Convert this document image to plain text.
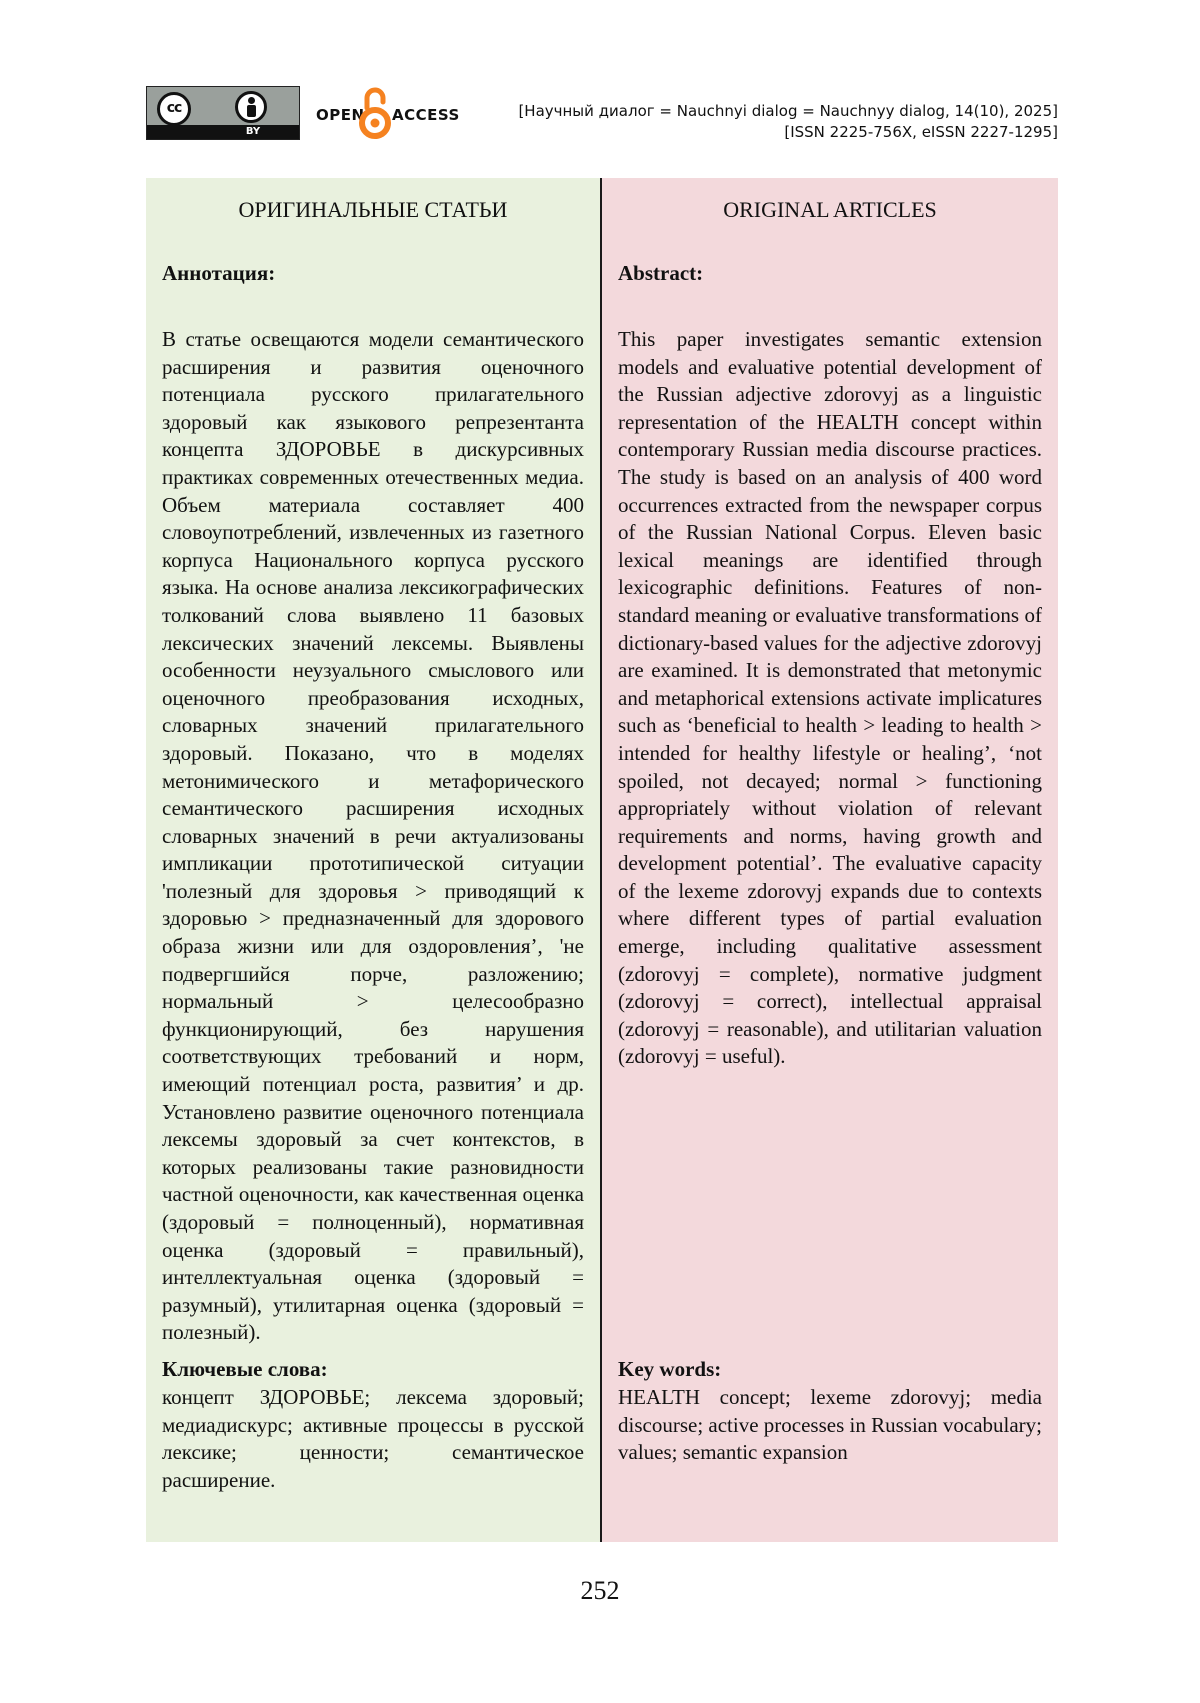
cc
BY
OPEN ACCESS	[Научный диалог = Nauchnyi dialog = Nauchnyy dialog, 14(10), 2025]
[ISSN 2225-756X, eISSN 2227-1295]
ОРИГИНАЛЬНЫЕ СТАТЬИ
Аннотация:

В статье освещаются модели семантического расширения и развития оценочного потенциала русского прилагательного здоровый как языкового репрезентанта концепта ЗДОРОВЬЕ в дискурсивных практиках современных отечественных медиа. Объем материала составляет 400 словоупотреблений, извлеченных из газетного корпуса Национального корпуса русского языка. На основе анализа лексикографических толкований слова выявлено 11 базовых лексических значений лексемы. Выявлены особенности неузуального смыслового или оценочного преобразования исходных, словарных значений прилагательного здоровый. Показано, что в моделях метонимического и метафорического семантического расширения исходных словарных значений в речи актуализованы импликации прототипической ситуации 'полезный для здоровья > приводящий к здоровью > предназначенный для здорового образа жизни или для оздоровления’, 'не подвергшийся порче, разложению; нормальный > целесообразно функционирующий, без нарушения соответствующих требований и норм, имеющий потенциал роста, развития’ и др. Установлено развитие оценочного потенциала лексемы здоровый за счет контекстов, в которых реализованы такие разновидности частной оценочности, как качественная оценка (здоровый = полноценный), нормативная оценка (здоровый = правильный), интеллектуальная оценка (здоровый = разумный), утилитарная оценка (здоровый = полезный).

Ключевые слова:

концепт ЗДОРОВЬЕ; лексема здоровый; медиадискурс; активные процессы в русской лексике; ценности; семантическое расширение.

ORIGINAL ARTICLES
Abstract:

This paper investigates semantic extension models and evaluative potential development of the Russian adjective zdorovyj as a linguistic representation of the HEALTH concept within contemporary Russian media discourse practices. The study is based on an analysis of 400 word occurrences extracted from the newspaper corpus of the Russian National Corpus. Eleven basic lexical meanings are identified through lexicographic definitions. Features of non-standard meaning or evaluative transformations of dictionary-based values for the adjective zdorovyj are examined. It is demonstrated that metonymic and metaphorical extensions activate implicatures such as ‘beneficial to health > leading to health > intended for healthy lifestyle or healing’, ‘not spoiled, not decayed; normal > functioning appropriately without violation of relevant requirements and norms, having growth and development potential’. The evaluative capacity of the lexeme zdorovyj expands due to contexts where different types of partial evaluation emerge, including qualitative assessment (zdorovyj = complete), normative judgment (zdorovyj = correct), intellectual appraisal (zdorovyj = reasonable), and utilitarian valuation (zdorovyj = useful).

Key words:

HEALTH concept; lexeme zdorovyj; media discourse; active processes in Russian vocabulary; values; semantic expansion

252
